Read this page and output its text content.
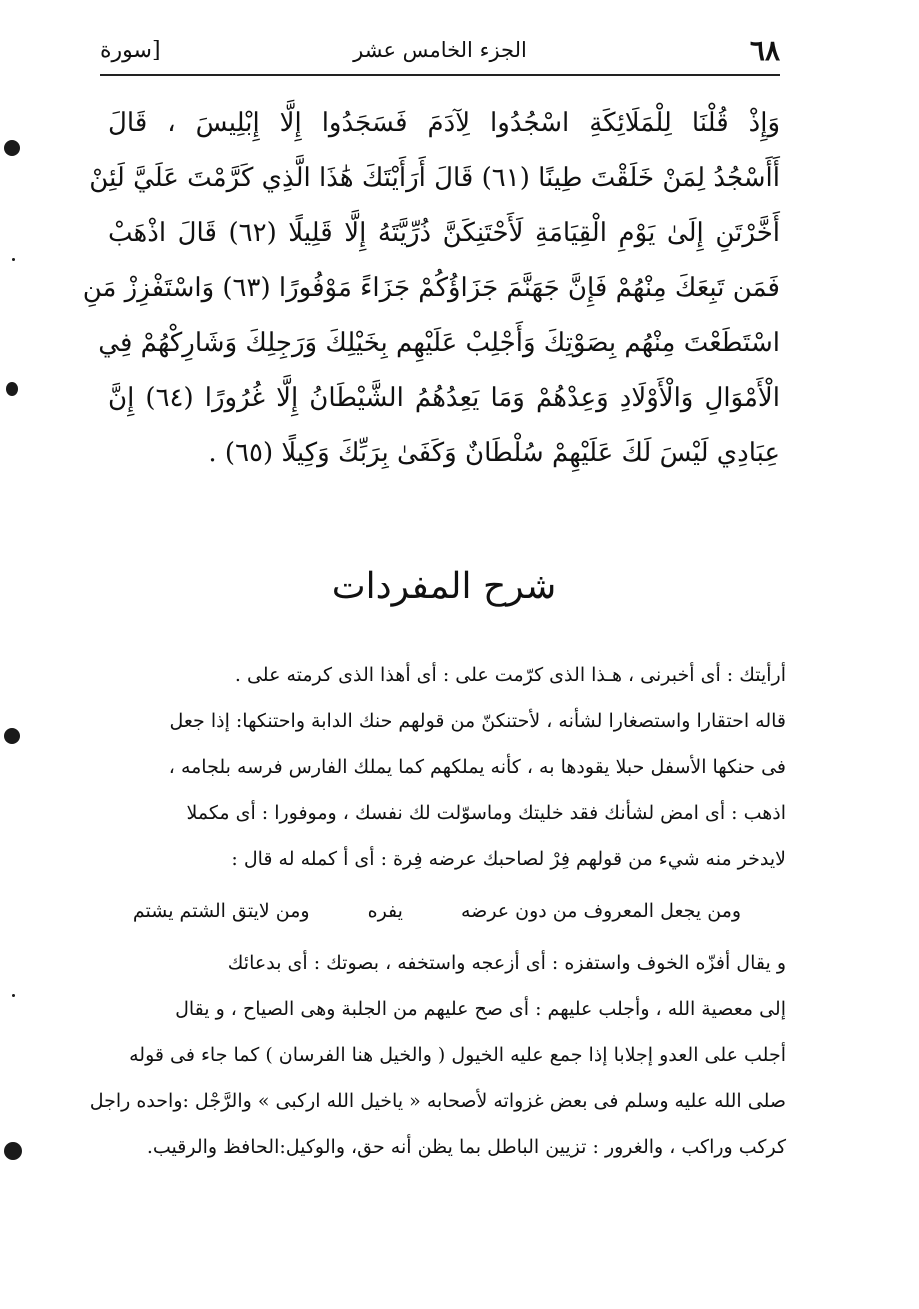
٦٨
الجزء الخامس عشر
[سورة
وَإِذْ قُلْنَا لِلْمَلَائِكَةِ اسْجُدُوا لِآدَمَ فَسَجَدُوا إِلَّا إِبْلِيسَ ، قَالَ
أَأَسْجُدُ لِمَنْ خَلَقْتَ طِينًا (٦١) قَالَ أَرَأَيْتَكَ هَٰذَا الَّذِي كَرَّمْتَ عَلَيَّ لَئِنْ
أَخَّرْتَنِ إِلَىٰ يَوْمِ الْقِيَامَةِ لَأَحْتَنِكَنَّ ذُرِّيَّتَهُ إِلَّا قَلِيلًا (٦٢) قَالَ اذْهَبْ
فَمَن تَبِعَكَ مِنْهُمْ فَإِنَّ جَهَنَّمَ جَزَاؤُكُمْ جَزَاءً مَوْفُورًا (٦٣) وَاسْتَفْزِزْ مَنِ
اسْتَطَعْتَ مِنْهُم بِصَوْتِكَ وَأَجْلِبْ عَلَيْهِم بِخَيْلِكَ وَرَجِلِكَ وَشَارِكْهُمْ فِي
الْأَمْوَالِ وَالْأَوْلَادِ وَعِدْهُمْ وَمَا يَعِدُهُمُ الشَّيْطَانُ إِلَّا غُرُورًا (٦٤) إِنَّ
عِبَادِي لَيْسَ لَكَ عَلَيْهِمْ سُلْطَانٌ وَكَفَىٰ بِرَبِّكَ وَكِيلًا (٦٥) .
شرح المفردات
أرأيتك : أى أخبرنى ، هـذا الذى كرّمت على : أى أهذا الذى كرمته على .
قاله احتقارا واستصغارا لشأنه ، لأحتنكنّ من قولهم حنك الدابة واحتنكها: إذا جعل
فى حنكها الأسفل حبلا يقودها به ، كأنه يملكهم كما يملك الفارس فرسه بلجامه ،
اذهب : أى امض لشأنك فقد خليتك وماسوّلت لك نفسك ، وموفورا : أى مكملا
لايدخر منه شيء من قولهم فِرْ لصاحبك عرضه فِرة : أى أ كمله له قال :
ومن يجعل المعروف من دون عرضه يفره ومن لايتق الشتم يشتم
و يقال أفزّه الخوف واستفزه : أى أزعجه واستخفه ، بصوتك : أى بدعائك
إلى معصية الله ، وأجلب عليهم : أى صح عليهم من الجلبة وهى الصياح ، و يقال
أجلب على العدو إجلابا إذا جمع عليه الخيول ( والخيل هنا الفرسان ) كما جاء فى قوله
صلى الله عليه وسلم فى بعض غزواته لأصحابه « ياخيل الله اركبى » والرَّجْل :واحده راجل
كركب وراكب ، والغرور : تزيين الباطل بما يظن أنه حق، والوكيل:الحافظ والرقيب.
